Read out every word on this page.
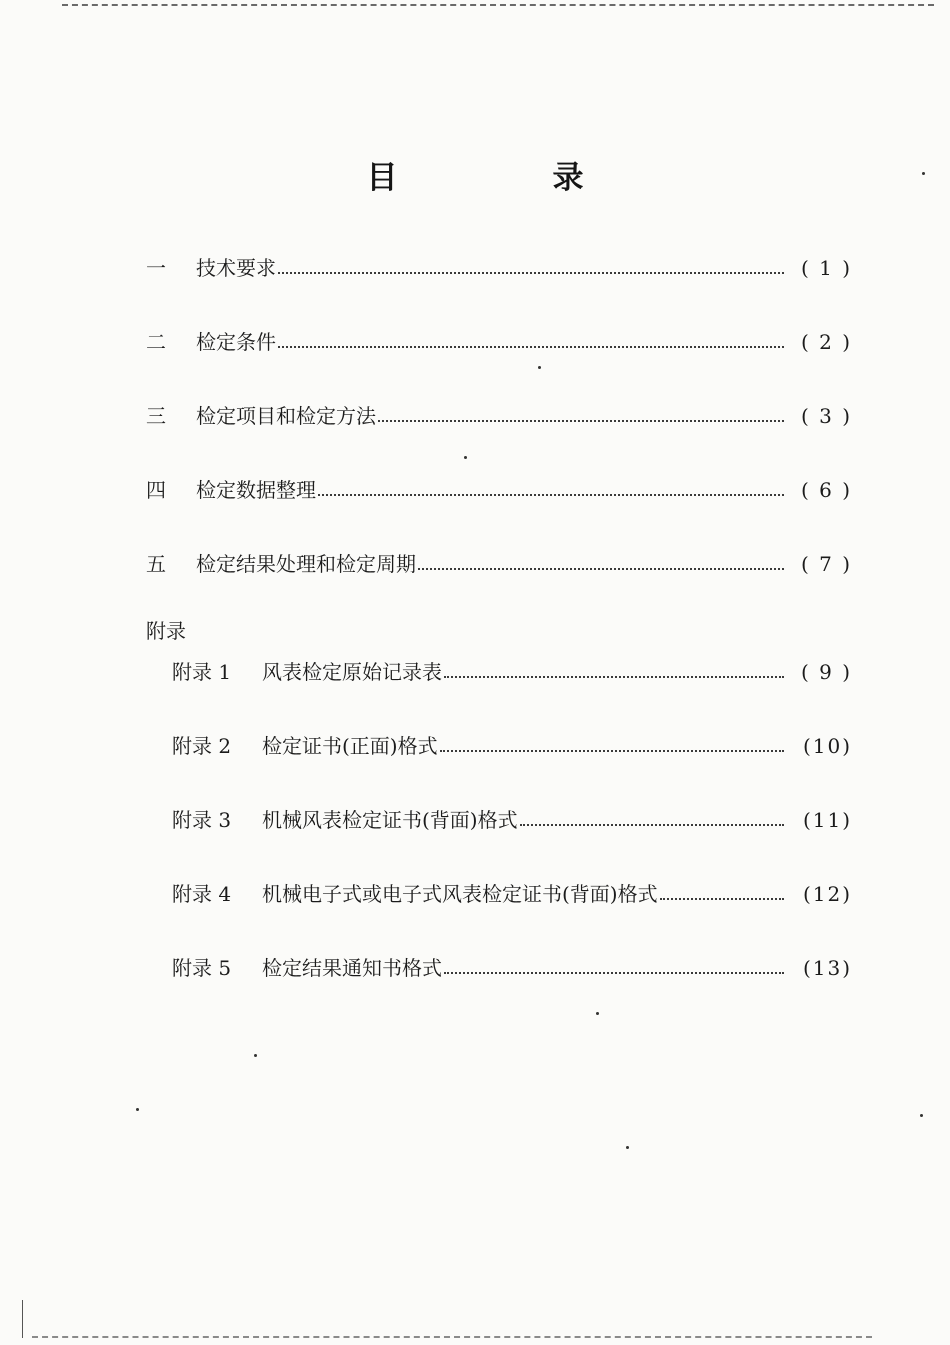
目　录
一	技术要求	( 1 )
二	检定条件	( 2 )
三	检定项目和检定方法	( 3 )
四	检定数据整理	( 6 )
五	检定结果处理和检定周期	( 7 )
附录
附录 1	风表检定原始记录表	( 9 )
附录 2	检定证书(正面)格式	(10)
附录 3	机械风表检定证书(背面)格式	(11)
附录 4	机械电子式或电子式风表检定证书(背面)格式	(12)
附录 5	检定结果通知书格式	(13)
